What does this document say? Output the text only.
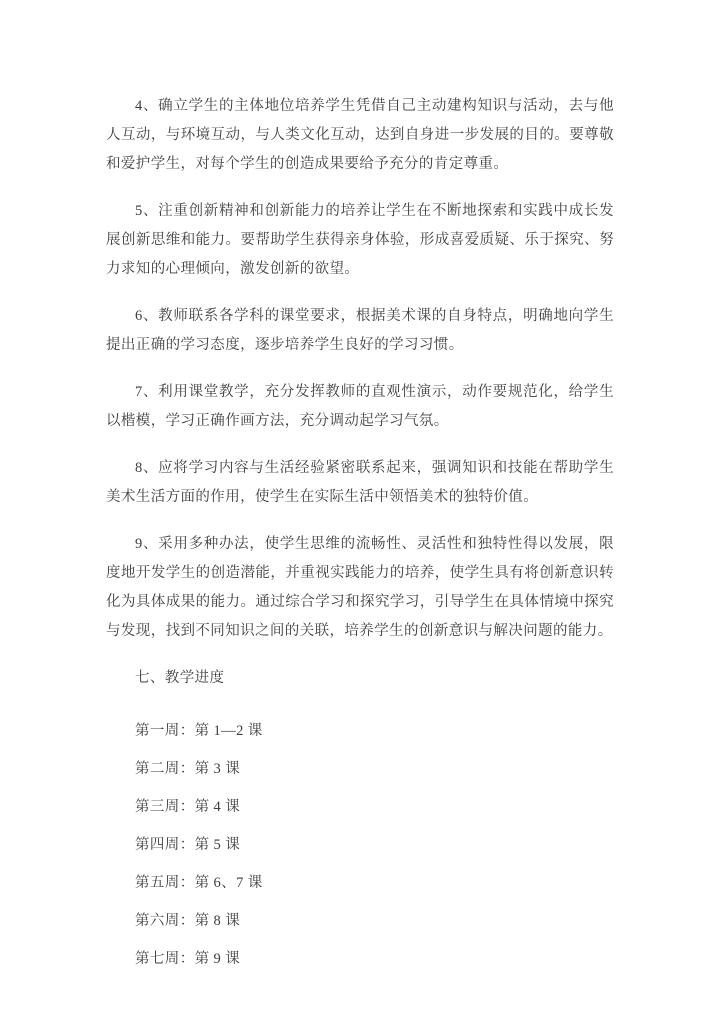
4、确立学生的主体地位培养学生凭借自己主动建构知识与活动，去与他人互动，与环境互动，与人类文化互动，达到自身进一步发展的目的。要尊敬和爱护学生，对每个学生的创造成果要给予充分的肯定尊重。

5、注重创新精神和创新能力的培养让学生在不断地探索和实践中成长发展创新思维和能力。要帮助学生获得亲身体验，形成喜爱质疑、乐于探究、努力求知的心理倾向，激发创新的欲望。

6、教师联系各学科的课堂要求，根据美术课的自身特点，明确地向学生提出正确的学习态度，逐步培养学生良好的学习习惯。

7、利用课堂教学，充分发挥教师的直观性演示，动作要规范化，给学生以楷模，学习正确作画方法，充分调动起学习气氛。

8、应将学习内容与生活经验紧密联系起来，强调知识和技能在帮助学生美术生活方面的作用，使学生在实际生活中领悟美术的独特价值。

9、采用多种办法，使学生思维的流畅性、灵活性和独特性得以发展，限度地开发学生的创造潜能，并重视实践能力的培养，使学生具有将创新意识转化为具体成果的能力。通过综合学习和探究学习，引导学生在具体情境中探究与发现，找到不同知识之间的关联，培养学生的创新意识与解决问题的能力。

七、教学进度

第一周：第 1—2 课

第二周：第 3 课

第三周：第 4 课

第四周：第 5 课

第五周：第 6、7 课

第六周：第 8 课

第七周：第 9 课
